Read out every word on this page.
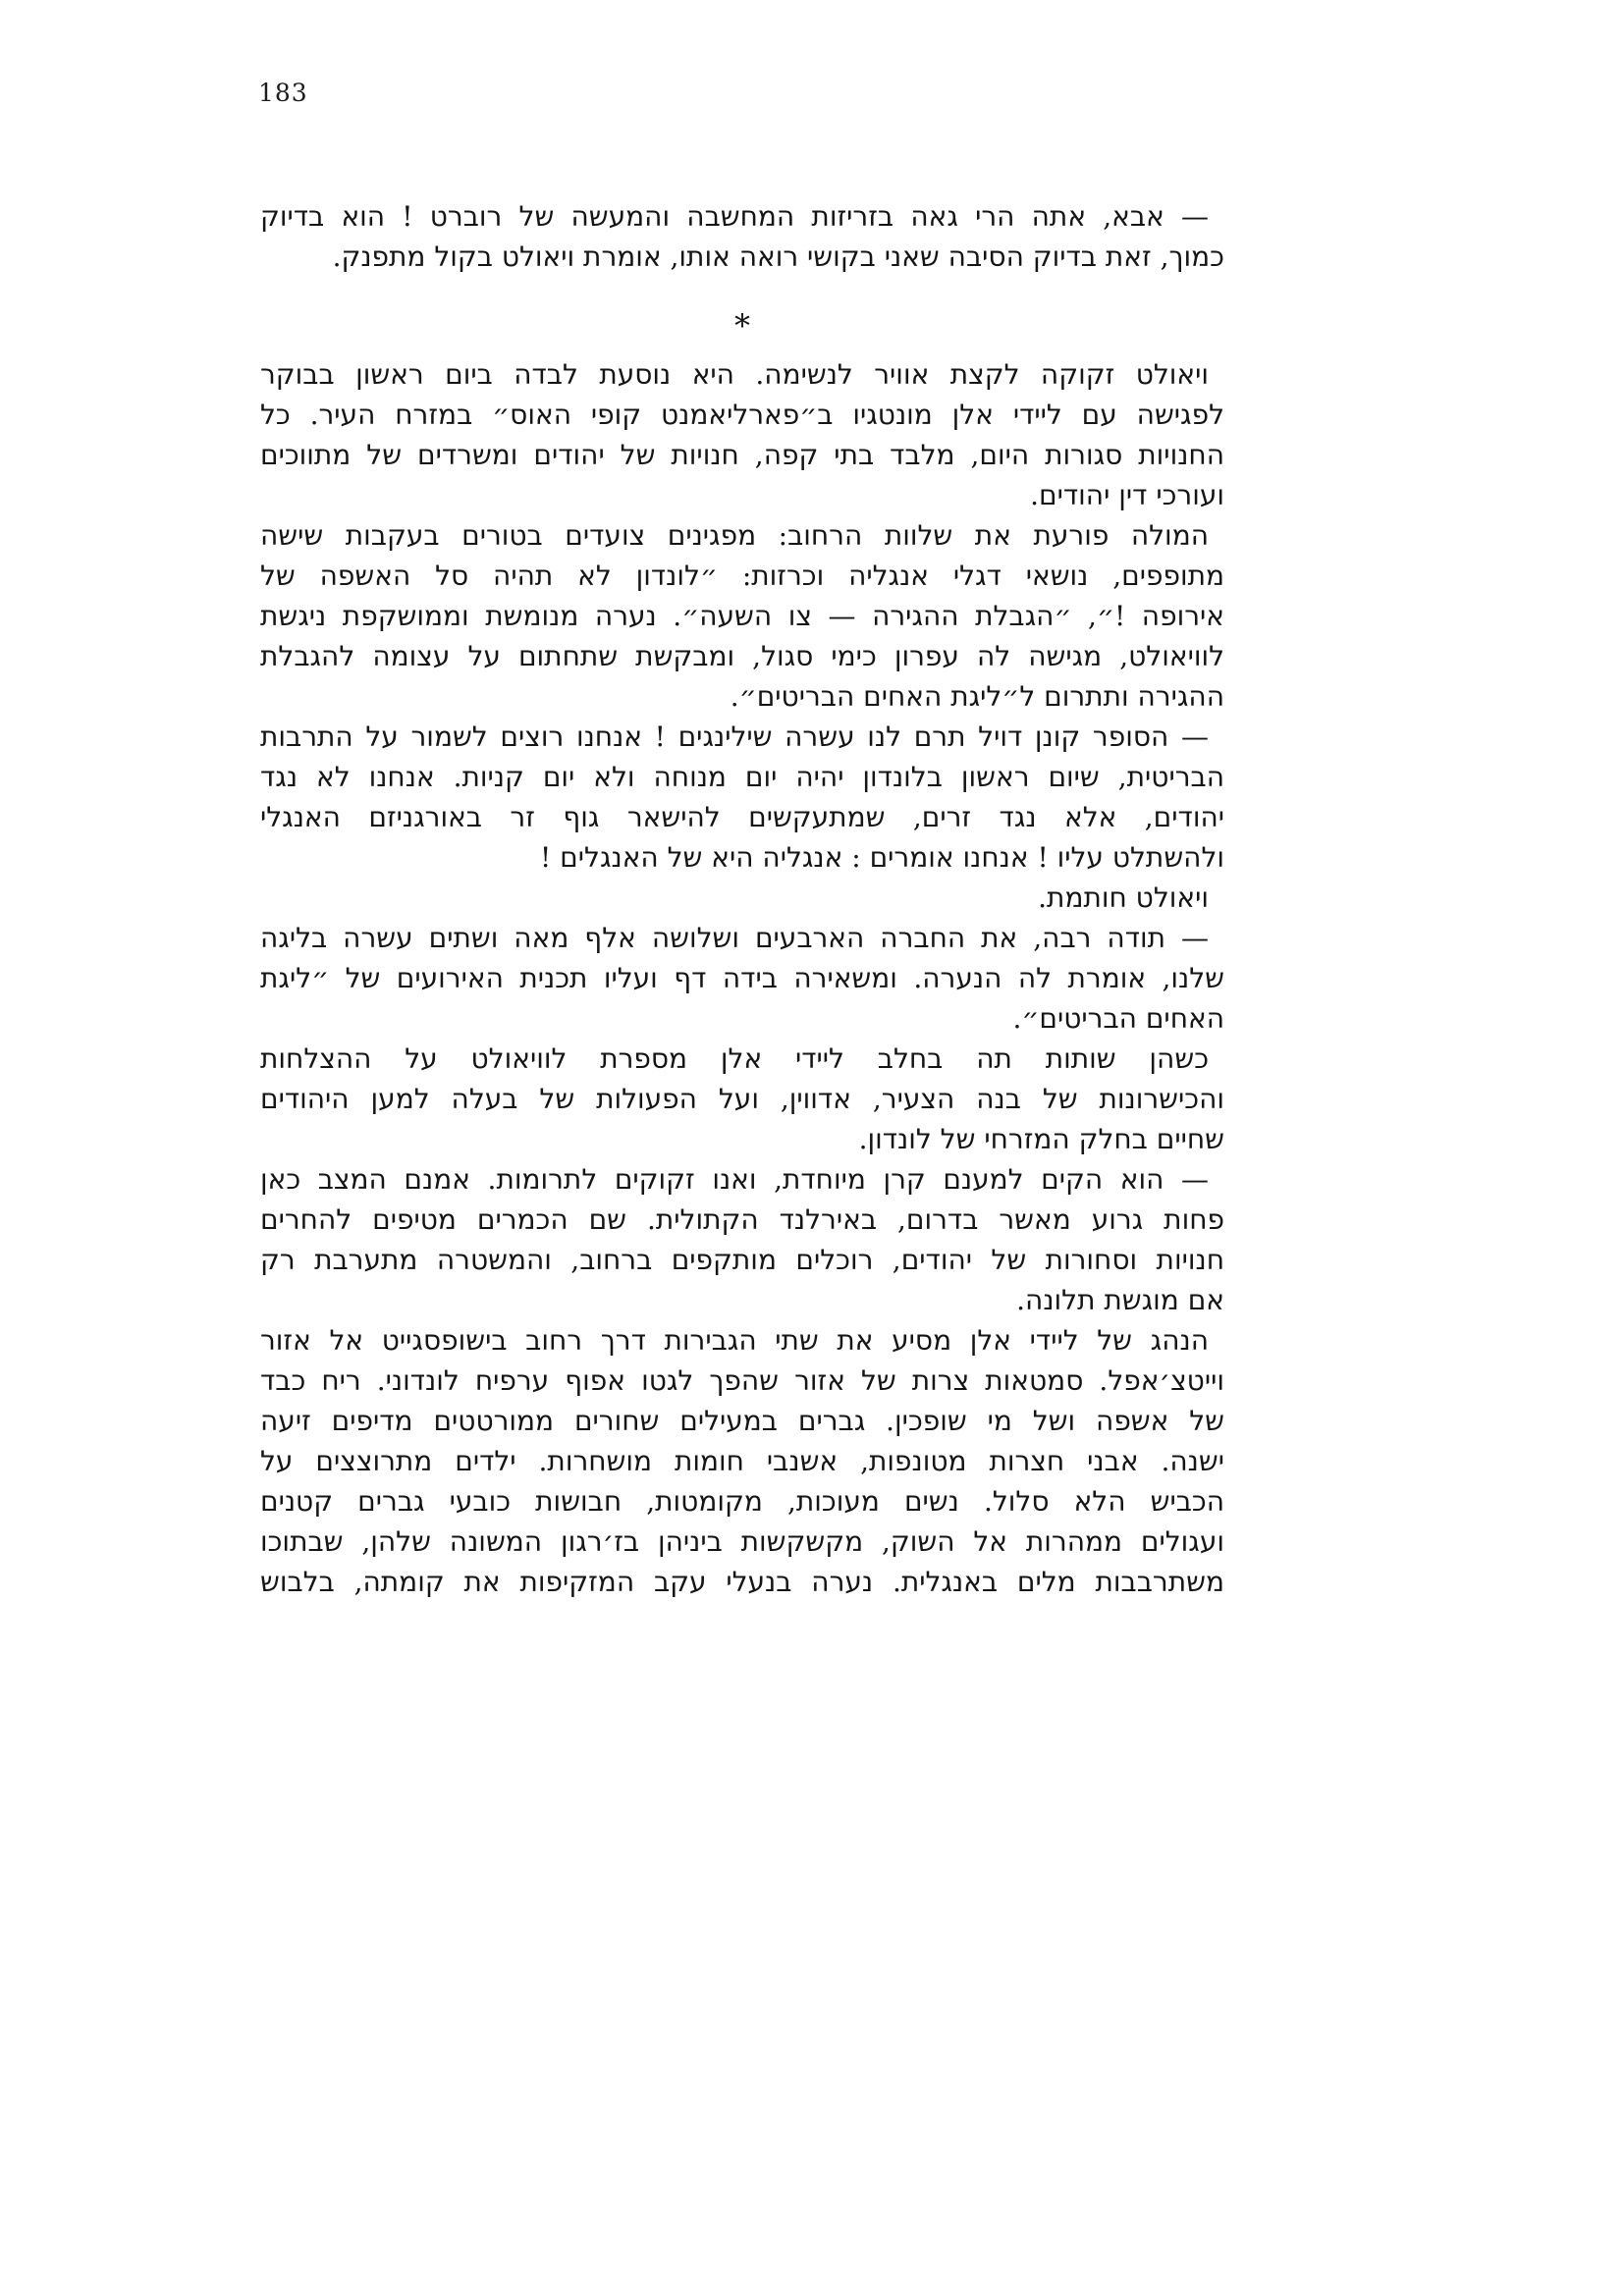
183

— אבא, אתה הרי גאה בזריזות המחשבה והמעשה של רוברט ! הוא בדיוק
כמוך, זאת בדיוק הסיבה שאני בקושי רואה אותו, אומרת ויאולט בקול מתפנק.

*

ויאולט זקוקה לקצת אוויר לנשימה. היא נוסעת לבדה ביום ראשון בבוקר
לפגישה עם ליידי אלן מונטגיו ב״פארליאמנט קופי האוס״ במזרח העיר. כל
החנויות סגורות היום, מלבד בתי קפה, חנויות של יהודים ומשרדים של מתווכים
ועורכי דין יהודים.

המולה פורעת את שלוות הרחוב: מפגינים צועדים בטורים בעקבות שישה
מתופפים, נושאי דגלי אנגליה וכרזות: ״לונדון לא תהיה סל האשפה של
אירופה !״, ״הגבלת ההגירה — צו השעה״. נערה מנומשת וממושקפת ניגשת
לוויאולט, מגישה לה עפרון כימי סגול, ומבקשת שתחתום על עצומה להגבלת
ההגירה ותתרום ל״ליגת האחים הבריטים״.

— הסופר קונן דויל תרם לנו עשרה שילינגים ! אנחנו רוצים לשמור על התרבות
הבריטית, שיום ראשון בלונדון יהיה יום מנוחה ולא יום קניות. אנחנו לא נגד
יהודים, אלא נגד זרים, שמתעקשים להישאר גוף זר באורגניזם האנגלי
ולהשתלט עליו ! אנחנו אומרים : אנגליה היא של האנגלים !

ויאולט חותמת.

— תודה רבה, את החברה הארבעים ושלושה אלף מאה ושתים עשרה בליגה
שלנו, אומרת לה הנערה. ומשאירה בידה דף ועליו תכנית האירועים של ״ליגת
האחים הבריטים״.

כשהן שותות תה בחלב ליידי אלן מספרת לוויאולט על ההצלחות
והכישרונות של בנה הצעיר, אדווין, ועל הפעולות של בעלה למען היהודים
שחיים בחלק המזרחי של לונדון.

— הוא הקים למענם קרן מיוחדת, ואנו זקוקים לתרומות. אמנם המצב כאן
פחות גרוע מאשר בדרום, באירלנד הקתולית. שם הכמרים מטיפים להחרים
חנויות וסחורות של יהודים, רוכלים מותקפים ברחוב, והמשטרה מתערבת רק
אם מוגשת תלונה.

הנהג של ליידי אלן מסיע את שתי הגבירות דרך רחוב בישופסגייט אל אזור
וייטצ׳אפל. סמטאות צרות של אזור שהפך לגטו אפוף ערפיח לונדוני. ריח כבד
של אשפה ושל מי שופכין. גברים במעילים שחורים ממורטטים מדיפים זיעה
ישנה. אבני חצרות מטונפות, אשנבי חומות מושחרות. ילדים מתרוצצים על
הכביש הלא סלול. נשים מעוכות, מקומטות, חבושות כובעי גברים קטנים
ועגולים ממהרות אל השוק, מקשקשות ביניהן בז׳רגון המשונה שלהן, שבתוכו
משתרבבות מלים באנגלית. נערה בנעלי עקב המזקיפות את קומתה, בלבוש
